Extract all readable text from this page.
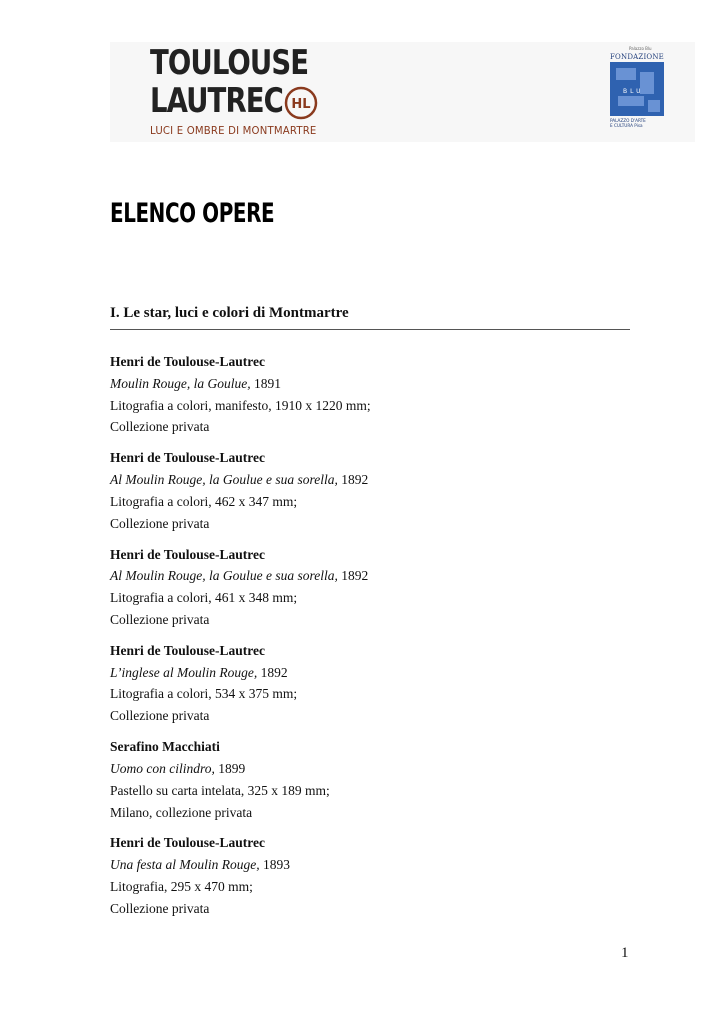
TOULOUSE
LAUTREC HL
LUCI E OMBRE DI MONTMARTRE
Palazzo Blu
FONDAZIONE
BLU
PALAZZO D'ARTE
E CULTURA Pisa
ELENCO OPERE
I. Le star, luci e colori di Montmartre
Henri de Toulouse-Lautrec
Moulin Rouge, la Goulue, 1891
Litografia a colori, manifesto, 1910 x 1220 mm;
Collezione privata
Henri de Toulouse-Lautrec
Al Moulin Rouge, la Goulue e sua sorella, 1892
Litografia a colori, 462 x 347 mm;
Collezione privata
Henri de Toulouse-Lautrec
Al Moulin Rouge, la Goulue e sua sorella, 1892
Litografia a colori, 461 x 348 mm;
Collezione privata
Henri de Toulouse-Lautrec
L’inglese al Moulin Rouge, 1892
Litografia a colori, 534 x 375 mm;
Collezione privata
Serafino Macchiati
Uomo con cilindro, 1899
Pastello su carta intelata, 325 x 189 mm;
Milano, collezione privata
Henri de Toulouse-Lautrec
Una festa al Moulin Rouge, 1893
Litografia, 295 x 470 mm;
Collezione privata
1
